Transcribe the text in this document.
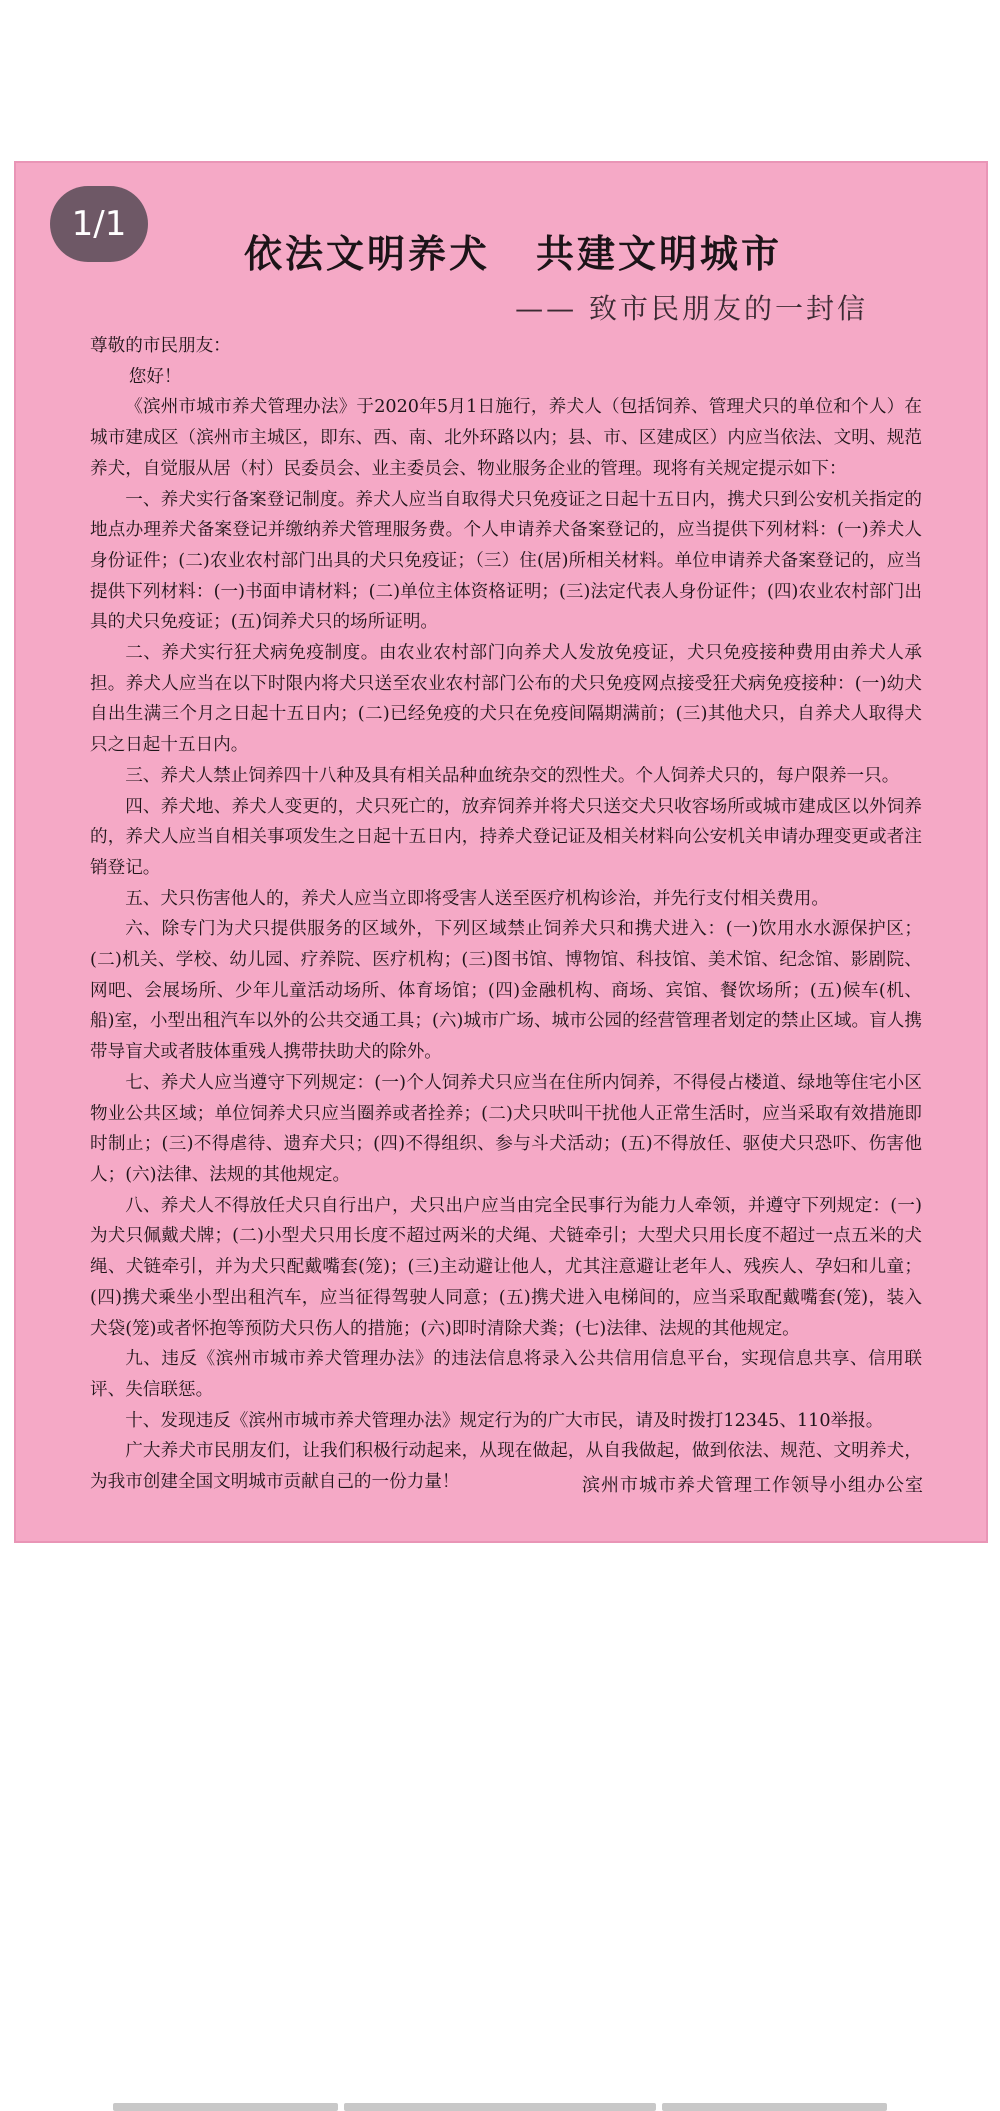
1/1
依法文明养犬 共建文明城市
—— 致市民朋友的一封信

尊敬的市民朋友：

您好！

《滨州市城市养犬管理办法》于2020年5月1日施行，养犬人（包括饲养、管理犬只的单位和个人）在城市建成区（滨州市主城区，即东、西、南、北外环路以内；县、市、区建成区）内应当依法、文明、规范养犬，自觉服从居（村）民委员会、业主委员会、物业服务企业的管理。现将有关规定提示如下：

一、养犬实行备案登记制度。养犬人应当自取得犬只免疫证之日起十五日内，携犬只到公安机关指定的地点办理养犬备案登记并缴纳养犬管理服务费。个人申请养犬备案登记的，应当提供下列材料：(一)养犬人身份证件；(二)农业农村部门出具的犬只免疫证；（三）住(居)所相关材料。单位申请养犬备案登记的，应当提供下列材料：(一)书面申请材料；(二)单位主体资格证明；(三)法定代表人身份证件；(四)农业农村部门出具的犬只免疫证；(五)饲养犬只的场所证明。

二、养犬实行狂犬病免疫制度。由农业农村部门向养犬人发放免疫证，犬只免疫接种费用由养犬人承担。养犬人应当在以下时限内将犬只送至农业农村部门公布的犬只免疫网点接受狂犬病免疫接种：(一)幼犬自出生满三个月之日起十五日内；(二)已经免疫的犬只在免疫间隔期满前；(三)其他犬只，自养犬人取得犬只之日起十五日内。

三、养犬人禁止饲养四十八种及具有相关品种血统杂交的烈性犬。个人饲养犬只的，每户限养一只。

四、养犬地、养犬人变更的，犬只死亡的，放弃饲养并将犬只送交犬只收容场所或城市建成区以外饲养的，养犬人应当自相关事项发生之日起十五日内，持养犬登记证及相关材料向公安机关申请办理变更或者注销登记。

五、犬只伤害他人的，养犬人应当立即将受害人送至医疗机构诊治，并先行支付相关费用。

六、除专门为犬只提供服务的区域外，下列区域禁止饲养犬只和携犬进入：(一)饮用水水源保护区；(二)机关、学校、幼儿园、疗养院、医疗机构；(三)图书馆、博物馆、科技馆、美术馆、纪念馆、影剧院、网吧、会展场所、少年儿童活动场所、体育场馆；(四)金融机构、商场、宾馆、餐饮场所；(五)候车(机、船)室，小型出租汽车以外的公共交通工具；(六)城市广场、城市公园的经营管理者划定的禁止区域。盲人携带导盲犬或者肢体重残人携带扶助犬的除外。

七、养犬人应当遵守下列规定：(一)个人饲养犬只应当在住所内饲养，不得侵占楼道、绿地等住宅小区物业公共区域；单位饲养犬只应当圈养或者拴养；(二)犬只吠叫干扰他人正常生活时，应当采取有效措施即时制止；(三)不得虐待、遗弃犬只；(四)不得组织、参与斗犬活动；(五)不得放任、驱使犬只恐吓、伤害他人；(六)法律、法规的其他规定。

八、养犬人不得放任犬只自行出户，犬只出户应当由完全民事行为能力人牵领，并遵守下列规定：(一)为犬只佩戴犬牌；(二)小型犬只用长度不超过两米的犬绳、犬链牵引；大型犬只用长度不超过一点五米的犬绳、犬链牵引，并为犬只配戴嘴套(笼)；(三)主动避让他人，尤其注意避让老年人、残疾人、孕妇和儿童；(四)携犬乘坐小型出租汽车，应当征得驾驶人同意；(五)携犬进入电梯间的，应当采取配戴嘴套(笼)，装入犬袋(笼)或者怀抱等预防犬只伤人的措施；(六)即时清除犬粪；(七)法律、法规的其他规定。

九、违反《滨州市城市养犬管理办法》的违法信息将录入公共信用信息平台，实现信息共享、信用联评、失信联惩。

十、发现违反《滨州市城市养犬管理办法》规定行为的广大市民，请及时拨打12345、110举报。

广大养犬市民朋友们，让我们积极行动起来，从现在做起，从自我做起，做到依法、规范、文明养犬，为我市创建全国文明城市贡献自己的一份力量！	滨州市城市养犬管理工作领导小组办公室
